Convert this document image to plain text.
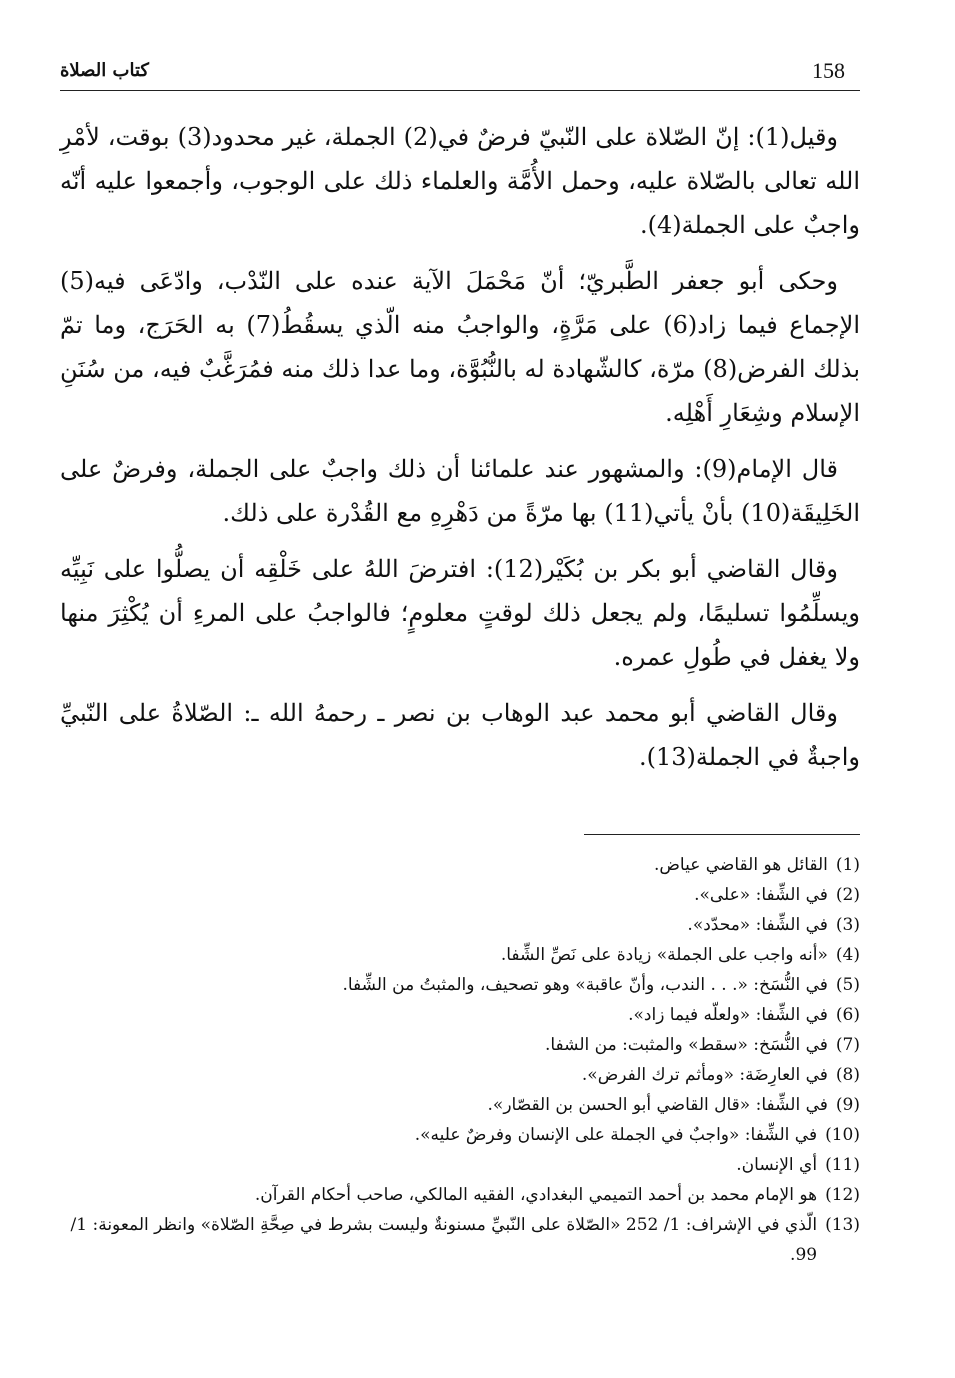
158
كتاب الصلاة

وقيل(1): إنّ الصّلاة على النّبيّ فرضٌ في(2) الجملة، غير محدود(3) بوقت، لأمْرِ الله تعالى بالصّلاة عليه، وحمل الأُمَّة والعلماء ذلك على الوجوب، وأجمعوا عليه أنّه واجبٌ على الجملة(4).

وحكى أبو جعفر الطَّبريّ؛ أنّ مَحْمَلَ الآية عنده على النّدْب، وادّعَى فيه(5) الإجماع فيما زاد(6) على مَرَّةٍ، والواجبُ منه الّذي يسقُطُ(7) به الحَرَج، وما تمّ بذلك الفرض(8) مرّة، كالشّهادة له بالنُّبُوَّة، وما عدا ذلك منه فمُرَغَّبٌ فيه، من سُنَنِ الإسلام وشِعَارِ أَهْلِه.

قال الإمام(9): والمشهور عند علمائنا أن ذلك واجبٌ على الجملة، وفرضٌ على الخَلِيقَة(10) بأنْ يأتي(11) بها مرّةً من دَهْرِهِ مع القُدْرة على ذلك.

وقال القاضي أبو بكر بن بُكَيْر(12): افترضَ اللهُ على خَلْقِه أن يصلُّوا على نَبِيِّه ويسلِّمُوا تسليمًا، ولم يجعل ذلك لوقتٍ معلومٍ؛ فالواجبُ على المرءِ أن يُكْثِرَ منها ولا يغفل في طُولِ عمره.

وقال القاضي أبو محمد عبد الوهاب بن نصر ـ رحمهُ الله ـ: الصّلاةُ على النّبيِّ واجبةٌ في الجملة(13).

(1)
القائل هو القاضي عياض.
(2)
في الشِّفا: «على».
(3)
في الشِّفا: «محدّد».
(4)
«أنه واجب على الجملة» زيادة على نَصِّ الشِّفا.
(5)
في النُّسَخ: «. . . الندب، وأنّ عاقبة» وهو تصحيف، والمثبتُ من الشِّفا.
(6)
في الشِّفا: «ولعلّه فيما زاد».
(7)
في النُّسَخ: «سقط» والمثبت: من الشفا.
(8)
في العارِضَة: «ومأثم ترك الفرض».
(9)
في الشِّفا: «قال القاضي أبو الحسن بن القصّار».
(10)
في الشِّفا: «واجبٌ في الجملة على الإنسان وفرضٌ عليه».
(11)
أي الإنسان.
(12)
هو الإمام محمد بن أحمد التميمي البغدادي، الفقيه المالكي، صاحب أحكام القرآن.
(13)
الّذي في الإشراف: 1/ 252 «الصّلاة على النّبيِّ مسنونةٌ وليست بشرط في صِحَّةِ الصّلاة» وانظر المعونة: 1/ 99.
